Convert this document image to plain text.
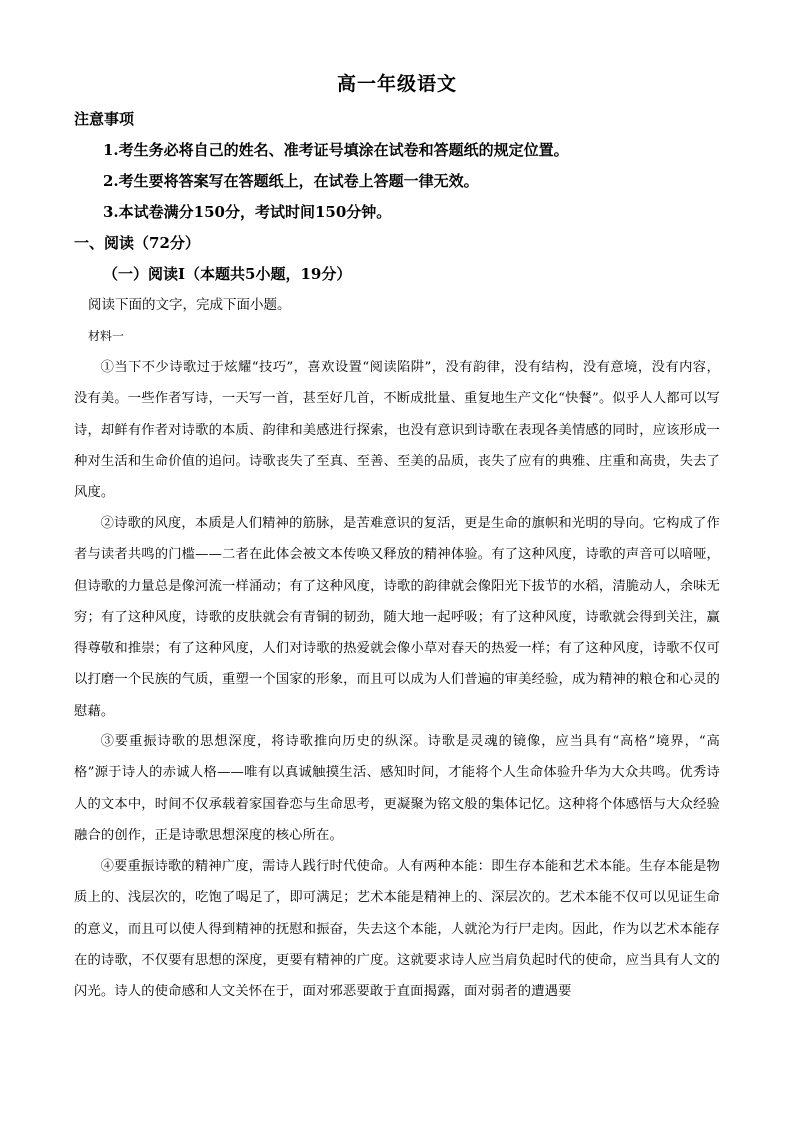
高一年级语文
注意事项
1.考生务必将自己的姓名、准考证号填涂在试卷和答题纸的规定位置。
2.考生要将答案写在答题纸上，在试卷上答题一律无效。
3.本试卷满分150分，考试时间150分钟。
一、阅读（72分）
（一）阅读Ⅰ（本题共5小题，19分）
阅读下面的文字，完成下面小题。
材料一
①当下不少诗歌过于炫耀“技巧”，喜欢设置“阅读陷阱”，没有韵律，没有结构，没有意境，没有内容，没有美。一些作者写诗，一天写一首，甚至好几首，不断成批量、重复地生产文化“快餐”。似乎人人都可以写诗，却鲜有作者对诗歌的本质、韵律和美感进行探索，也没有意识到诗歌在表现各美情感的同时，应该形成一种对生活和生命价值的追问。诗歌丧失了至真、至善、至美的品质，丧失了应有的典雅、庄重和高贵，失去了风度。
②诗歌的风度，本质是人们精神的筋脉，是苦难意识的复活，更是生命的旗帜和光明的导向。它构成了作者与读者共鸣的门槛——二者在此体会被文本传唤又释放的精神体验。有了这种风度，诗歌的声音可以喑哑，但诗歌的力量总是像河流一样涌动；有了这种风度，诗歌的韵律就会像阳光下拔节的水稻，清脆动人，余味无穷；有了这种风度，诗歌的皮肤就会有青铜的韧劲，随大地一起呼吸；有了这种风度，诗歌就会得到关注，赢得尊敬和推崇；有了这种风度，人们对诗歌的热爱就会像小草对春天的热爱一样；有了这种风度，诗歌不仅可以打磨一个民族的气质，重塑一个国家的形象，而且可以成为人们普遍的审美经验，成为精神的粮仓和心灵的慰藉。
③要重振诗歌的思想深度，将诗歌推向历史的纵深。诗歌是灵魂的镜像，应当具有“高格”境界，“高格”源于诗人的赤诚人格——唯有以真诚触摸生活、感知时间，才能将个人生命体验升华为大众共鸣。优秀诗人的文本中，时间不仅承载着家国眷恋与生命思考，更凝聚为铭文般的集体记忆。这种将个体感悟与大众经验融合的创作，正是诗歌思想深度的核心所在。
④要重振诗歌的精神广度，需诗人践行时代使命。人有两种本能：即生存本能和艺术本能。生存本能是物质上的、浅层次的，吃饱了喝足了，即可满足；艺术本能是精神上的、深层次的。艺术本能不仅可以见证生命的意义，而且可以使人得到精神的抚慰和振奋，失去这个本能，人就沦为行尸走肉。因此，作为以艺术本能存在的诗歌，不仅要有思想的深度，更要有精神的广度。这就要求诗人应当肩负起时代的使命，应当具有人文的闪光。诗人的使命感和人文关怀在于，面对邪恶要敢于直面揭露，面对弱者的遭遇要
